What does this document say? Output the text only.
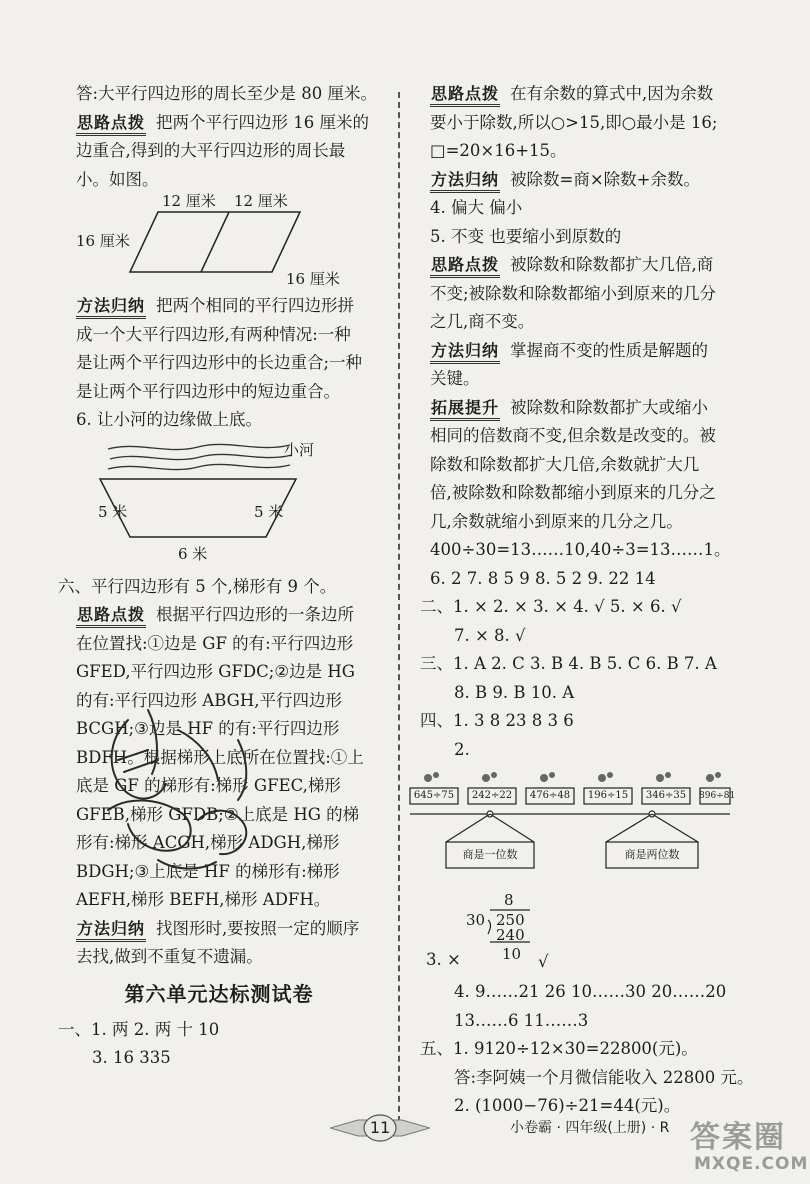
答:大平行四边形的周长至少是 80 厘米。
思路点拨 把两个平行四边形 16 厘米的
边重合,得到的大平行四边形的周长最
小。如图。
12 厘米 12 厘米
16 厘米
16 厘米
方法归纳 把两个相同的平行四边形拼
成一个大平行四边形,有两种情况:一种
是让两个平行四边形中的长边重合;一种
是让两个平行四边形中的短边重合。
6. 让小河的边缘做上底。
小河
5 米	5 米
6 米
六、平行四边形有 5 个,梯形有 9 个。
思路点拨 根据平行四边形的一条边所
在位置找:①边是 GF 的有:平行四边形
GFED,平行四边形 GFDC;②边是 HG
的有:平行四边形 ABGH,平行四边形
BCGH;③边是 HF 的有:平行四边形
BDFH。根据梯形上底所在位置找:①上
底是 GF 的梯形有:梯形 GFEC,梯形
GFEB,梯形 GFDB;②上底是 HG 的梯
形有:梯形 ACGH,梯形 ADGH,梯形
BDGH;③上底是 HF 的梯形有:梯形
AEFH,梯形 BEFH,梯形 ADFH。
方法归纳 找图形时,要按照一定的顺序
去找,做到不重复不遗漏。
第六单元达标测试卷
一、1. 两 2. 两 十 10
3. 16 335
思路点拨 在有余数的算式中,因为余数
要小于除数,所以○>15,即○最小是 16;
□=20×16+15。
方法归纳 被除数=商×除数+余数。
4. 偏大 偏小
5. 不变 也要缩小到原数的
思路点拨 被除数和除数都扩大几倍,商
不变;被除数和除数都缩小到原来的几分
之几,商不变。
方法归纳 掌握商不变的性质是解题的
关键。
拓展提升 被除数和除数都扩大或缩小
相同的倍数商不变,但余数是改变的。被
除数和除数都扩大几倍,余数就扩大几
倍,被除数和除数都缩小到原来的几分之
几,余数就缩小到原来的几分之几。
400÷30=13……10,40÷3=13……1。
6. 2 7. 8 5 9 8. 5 2 9. 22 14
二、1. × 2. × 3. × 4. √ 5. × 6. √
7. × 8. √
三、1. A 2. C 3. B 4. B 5. C 6. B 7. A
8. B 9. B 10. A
四、1. 3 8 23 8 3 6
2.
645÷75	242÷22	476÷48	196÷15	346÷35	896÷81
商是一位数	商是两位数
8
30 250
240
10
3. ×	√
4. 9……21 26 10……30 20……20
13……6 11……3
五、1. 9120÷12×30=22800(元)。
答:李阿姨一个月微信能收入 22800 元。
2. (1000−76)÷21=44(元)。
11	小卷霸 · 四年级(上册) · R 答案圈
MXQE.COM
